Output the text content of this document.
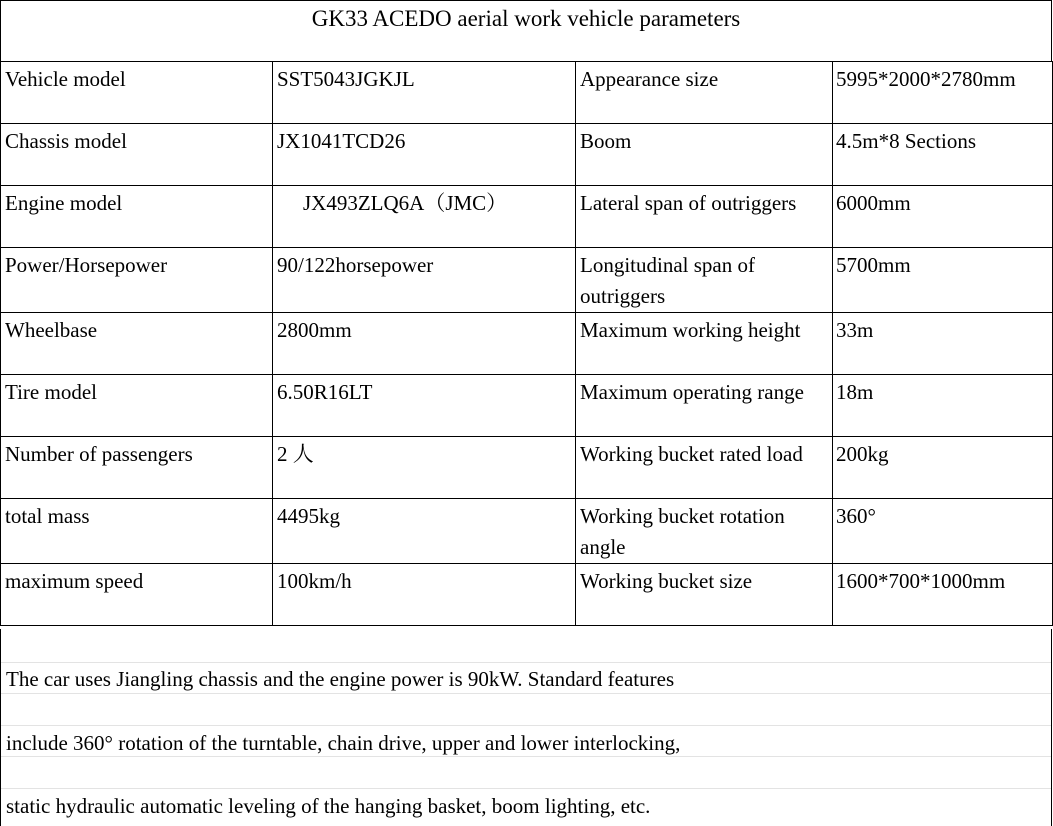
GK33 ACEDO aerial work vehicle parameters
Vehicle model	SST5043JGKJL	Appearance size	5995*2000*2780mm
Chassis model	JX1041TCD26	Boom	4.5m*8 Sections
Engine model	JX493ZLQ6A（JMC）	Lateral span of outriggers	6000mm
Power/Horsepower	90/122horsepower	Longitudinal span of outriggers	5700mm
Wheelbase	2800mm	Maximum working height	33m
Tire model	6.50R16LT	Maximum operating range	18m
Number of passengers	2 人	Working bucket rated load	200kg
total mass	4495kg	Working bucket rotation angle	360°
maximum speed	100km/h	Working bucket size	1600*700*1000mm
The car uses Jiangling chassis and the engine power is 90kW. Standard features
include 360° rotation of the turntable, chain drive, upper and lower interlocking,
static hydraulic automatic leveling of the hanging basket, boom lighting, etc.
